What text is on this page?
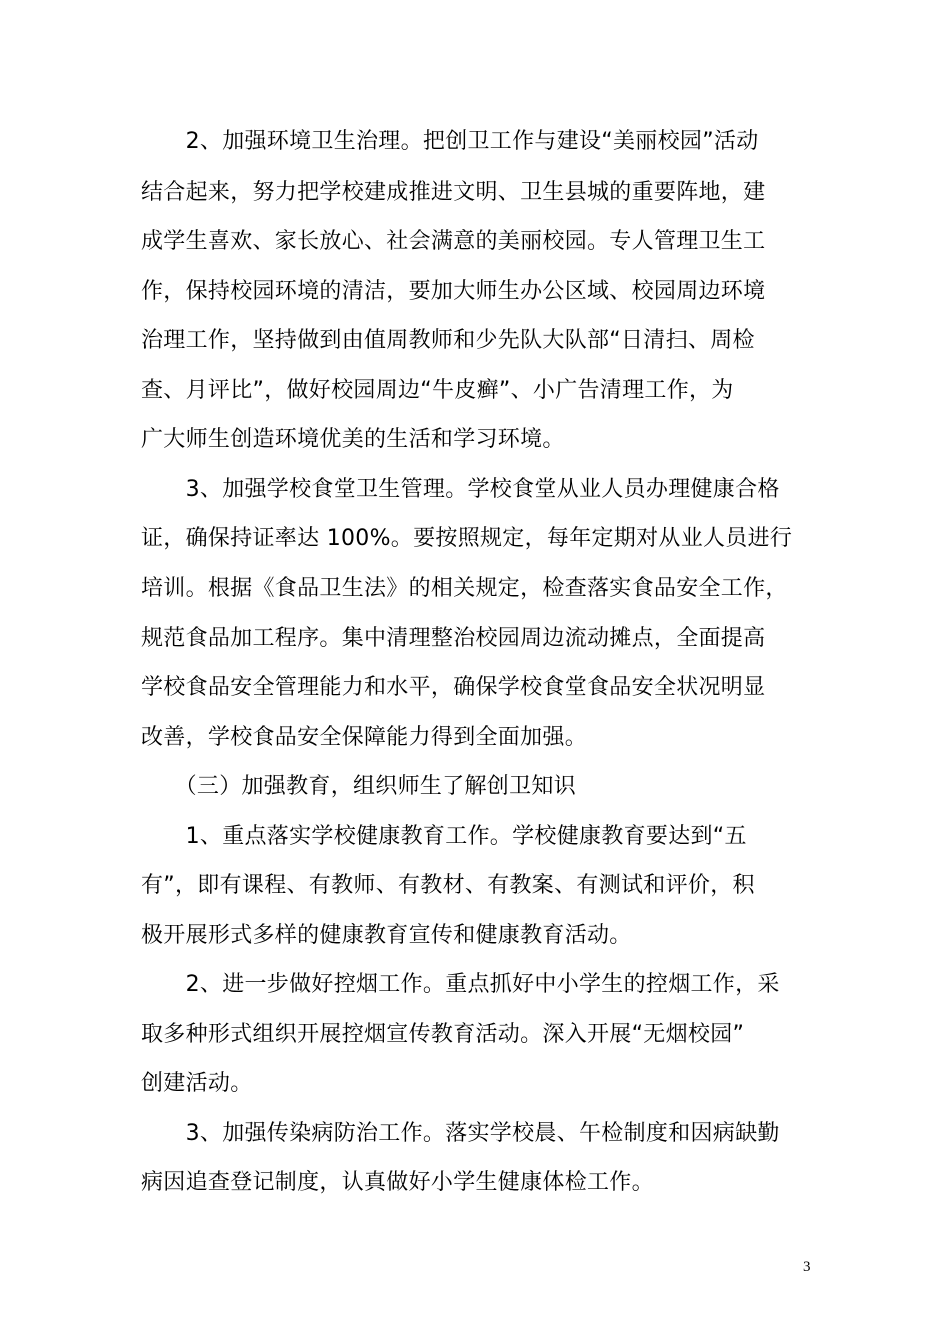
　　2、加强环境卫生治理。把创卫工作与建设“美丽校园”活动
结合起来，努力把学校建成推进文明、卫生县城的重要阵地，建
成学生喜欢、家长放心、社会满意的美丽校园。专人管理卫生工
作，保持校园环境的清洁，要加大师生办公区域、校园周边环境
治理工作，坚持做到由值周教师和少先队大队部“日清扫、周检
查、月评比”，做好校园周边“牛皮癣”、小广告清理工作，为
广大师生创造环境优美的生活和学习环境。
　　3、加强学校食堂卫生管理。学校食堂从业人员办理健康合格
证，确保持证率达 100%。要按照规定，每年定期对从业人员进行
培训。根据《食品卫生法》的相关规定，检查落实食品安全工作，
规范食品加工程序。集中清理整治校园周边流动摊点，全面提高
学校食品安全管理能力和水平，确保学校食堂食品安全状况明显
改善，学校食品安全保障能力得到全面加强。
　　（三）加强教育，组织师生了解创卫知识
　　1、重点落实学校健康教育工作。学校健康教育要达到“五
有”，即有课程、有教师、有教材、有教案、有测试和评价，积
极开展形式多样的健康教育宣传和健康教育活动。
　　2、进一步做好控烟工作。重点抓好中小学生的控烟工作，采
取多种形式组织开展控烟宣传教育活动。深入开展“无烟校园”
创建活动。
　　3、加强传染病防治工作。落实学校晨、午检制度和因病缺勤
病因追查登记制度，认真做好小学生健康体检工作。
3
